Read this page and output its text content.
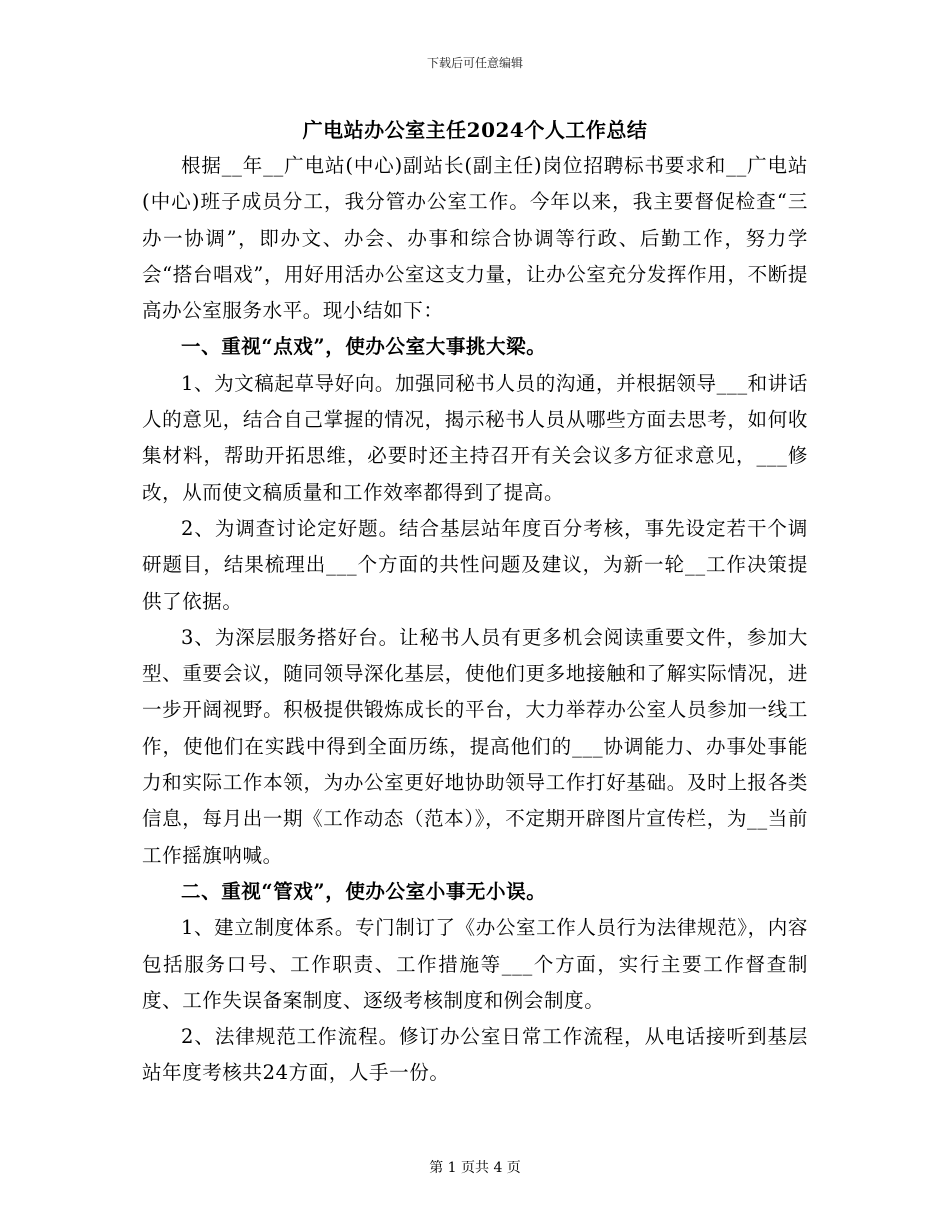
下载后可任意编辑
广电站办公室主任2024个人工作总结

根据__年__广电站(中心)副站长(副主任)岗位招聘标书要求和__广电站(中心)班子成员分工，我分管办公室工作。今年以来，我主要督促检查“三办一协调”，即办文、办会、办事和综合协调等行政、后勤工作，努力学会“搭台唱戏”，用好用活办公室这支力量，让办公室充分发挥作用，不断提高办公室服务水平。现小结如下：

一、重视“点戏”，使办公室大事挑大梁。

1、为文稿起草导好向。加强同秘书人员的沟通，并根据领导___和讲话人的意见，结合自己掌握的情况，揭示秘书人员从哪些方面去思考，如何收集材料，帮助开拓思维，必要时还主持召开有关会议多方征求意见，___修改，从而使文稿质量和工作效率都得到了提高。

2、为调查讨论定好题。结合基层站年度百分考核，事先设定若干个调研题目，结果梳理出___个方面的共性问题及建议，为新一轮__工作决策提供了依据。

3、为深层服务搭好台。让秘书人员有更多机会阅读重要文件，参加大型、重要会议，随同领导深化基层，使他们更多地接触和了解实际情况，进一步开阔视野。积极提供锻炼成长的平台，大力举荐办公室人员参加一线工作，使他们在实践中得到全面历练，提高他们的___协调能力、办事处事能力和实际工作本领，为办公室更好地协助领导工作打好基础。及时上报各类信息，每月出一期《工作动态（范本）》，不定期开辟图片宣传栏，为__当前工作摇旗呐喊。

二、重视“管戏”，使办公室小事无小误。

1、建立制度体系。专门制订了《办公室工作人员行为法律规范》，内容包括服务口号、工作职责、工作措施等___个方面，实行主要工作督查制度、工作失误备案制度、逐级考核制度和例会制度。

2、法律规范工作流程。修订办公室日常工作流程，从电话接听到基层站年度考核共24方面，人手一份。

第 1 页共 4 页
